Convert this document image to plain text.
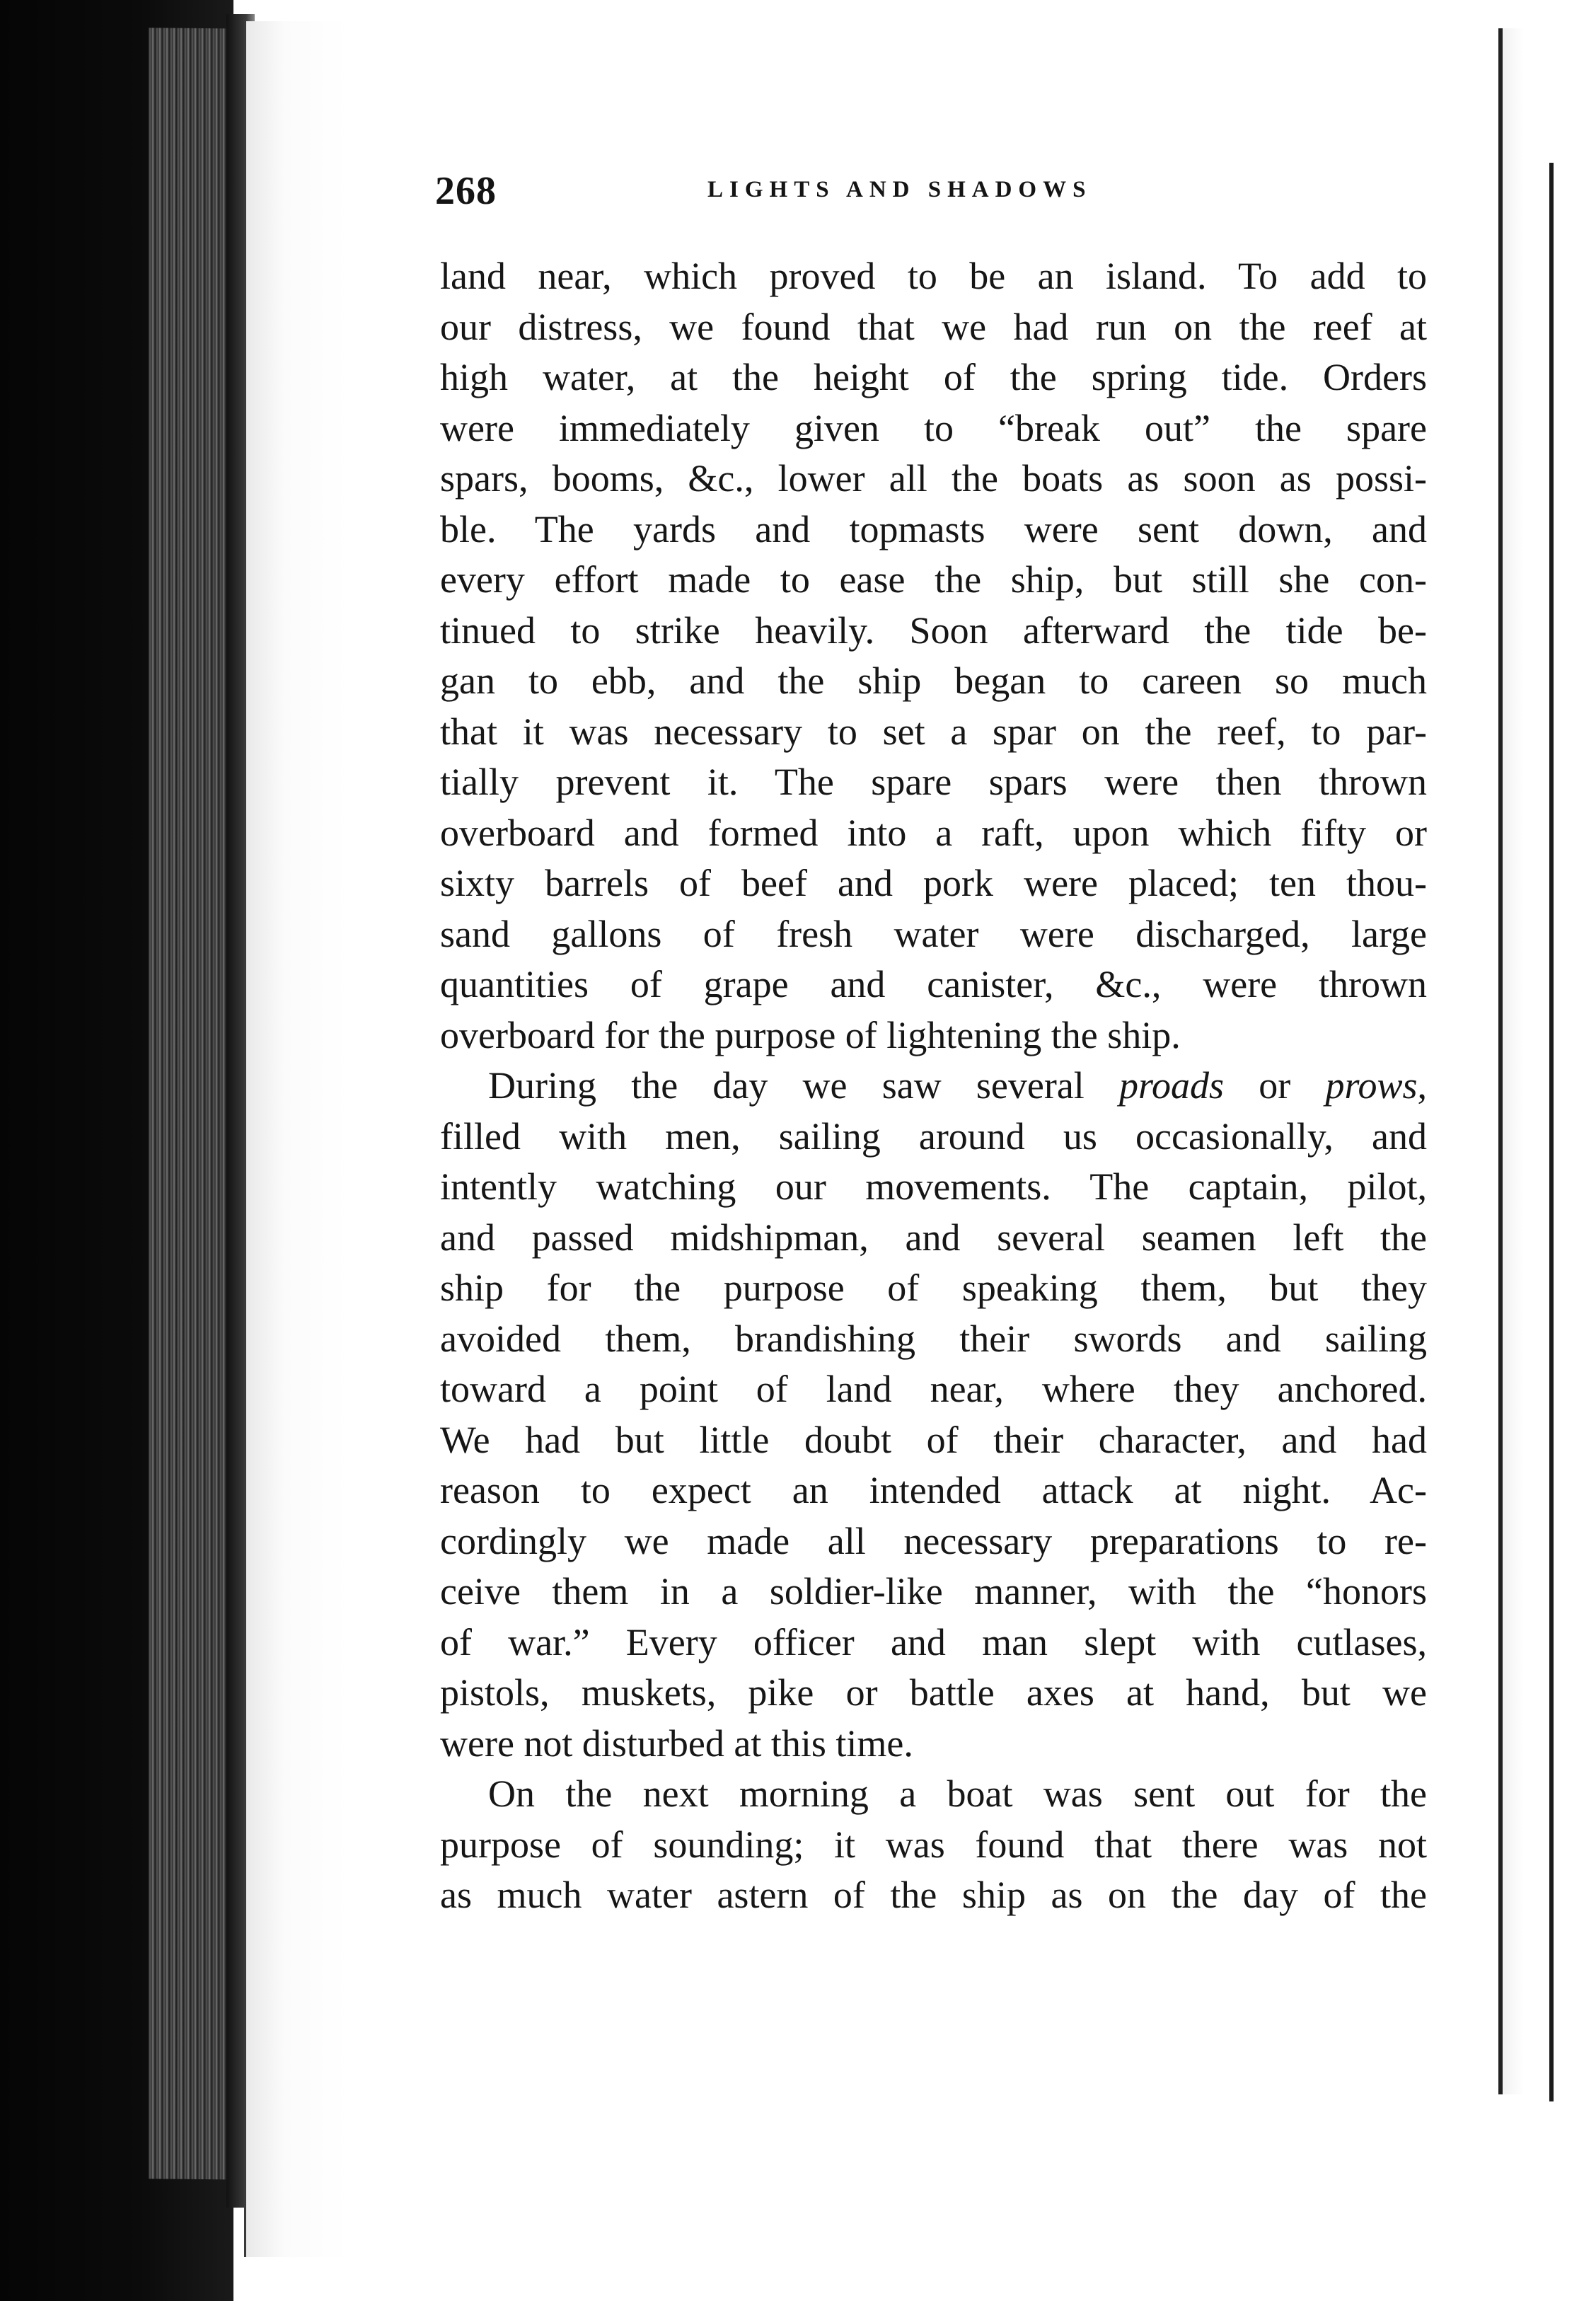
268	LIGHTS AND SHADOWS
land near, which proved to be an island. To add to
our distress, we found that we had run on the reef at
high water, at the height of the spring tide. Orders
were immediately given to “break out” the spare
spars, booms, &c., lower all the boats as soon as possi-
ble. The yards and topmasts were sent down, and
every effort made to ease the ship, but still she con-
tinued to strike heavily. Soon afterward the tide be-
gan to ebb, and the ship began to careen so much
that it was necessary to set a spar on the reef, to par-
tially prevent it. The spare spars were then thrown
overboard and formed into a raft, upon which fifty or
sixty barrels of beef and pork were placed; ten thou-
sand gallons of fresh water were discharged, large
quantities of grape and canister, &c., were thrown
overboard for the purpose of lightening the ship.
During the day we saw several proads or prows,
filled with men, sailing around us occasionally, and
intently watching our movements. The captain, pilot,
and passed midshipman, and several seamen left the
ship for the purpose of speaking them, but they
avoided them, brandishing their swords and sailing
toward a point of land near, where they anchored.
We had but little doubt of their character, and had
reason to expect an intended attack at night. Ac-
cordingly we made all necessary preparations to re-
ceive them in a soldier-like manner, with the “honors
of war.” Every officer and man slept with cutlases,
pistols, muskets, pike or battle axes at hand, but we
were not disturbed at this time.
On the next morning a boat was sent out for the
purpose of sounding; it was found that there was not
as much water astern of the ship as on the day of the
